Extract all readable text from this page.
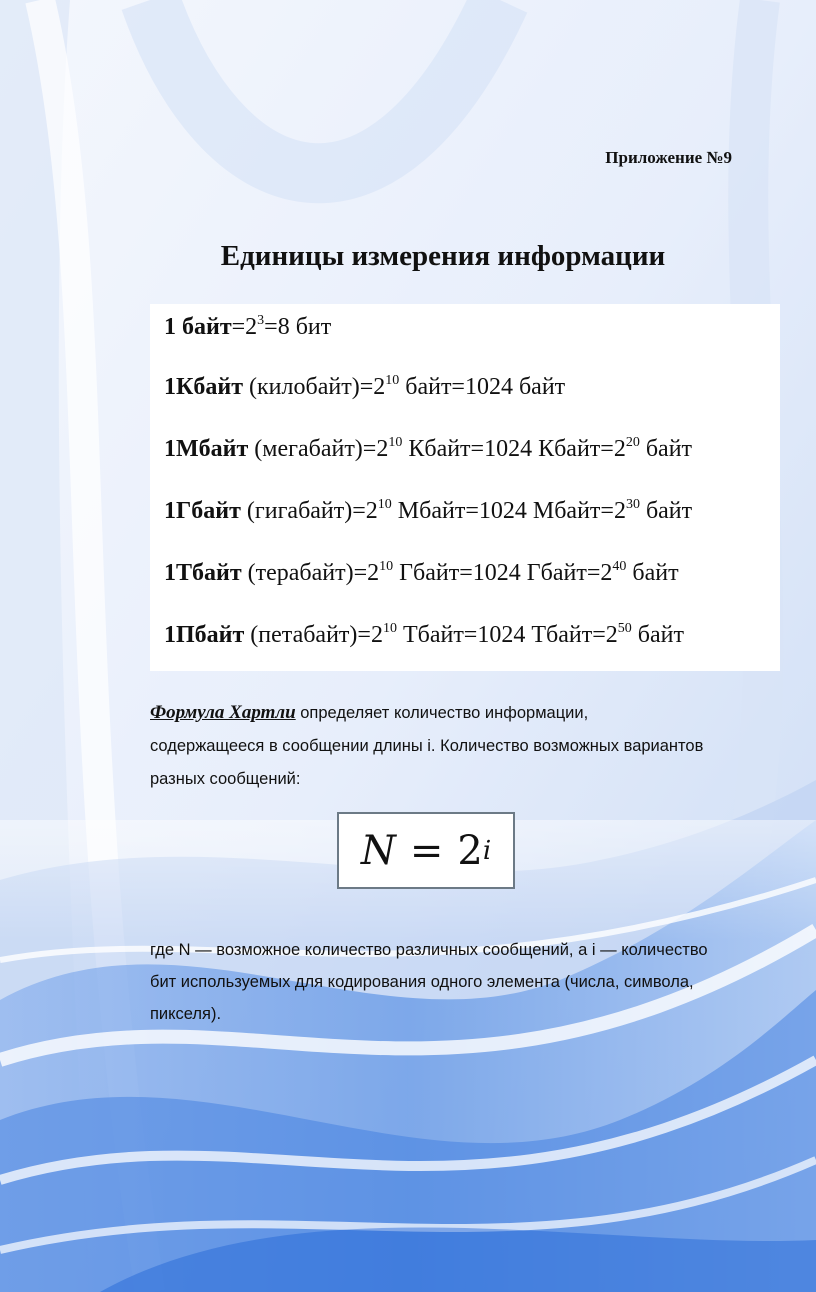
Приложение №9
Единицы измерения информации
1 $байт=2^3=8$ бит
1Кбайт $(килобайт)=2^{10}$ байт=1024 байт
1Мбайт $(мегабайт)=2^{10}$ Кбайт=1024 $Кбайт=2^{20}$ байт
1Гбайт $(гигабайт)=2^{10}$ Мбайт=1024 $Мбайт=2^{30}$ байт
1Тбайт $(терабайт)=2^{10}$ Гбайт=1024 $Гбайт=2^{40}$ байт
1Пбайт $(петабайт)=2^{10}$ Тбайт=1024 $Тбайт=2^{50}$ байт
Формула Хартли определяет количество информации,
содержащееся в сообщении длины i. Количество возможных вариантов
разных сообщений:
N = 2 i
где N — возможное количество различных сообщений, а i — количество
бит используемых для кодирования одного элемента (числа, символа,
пикселя).
